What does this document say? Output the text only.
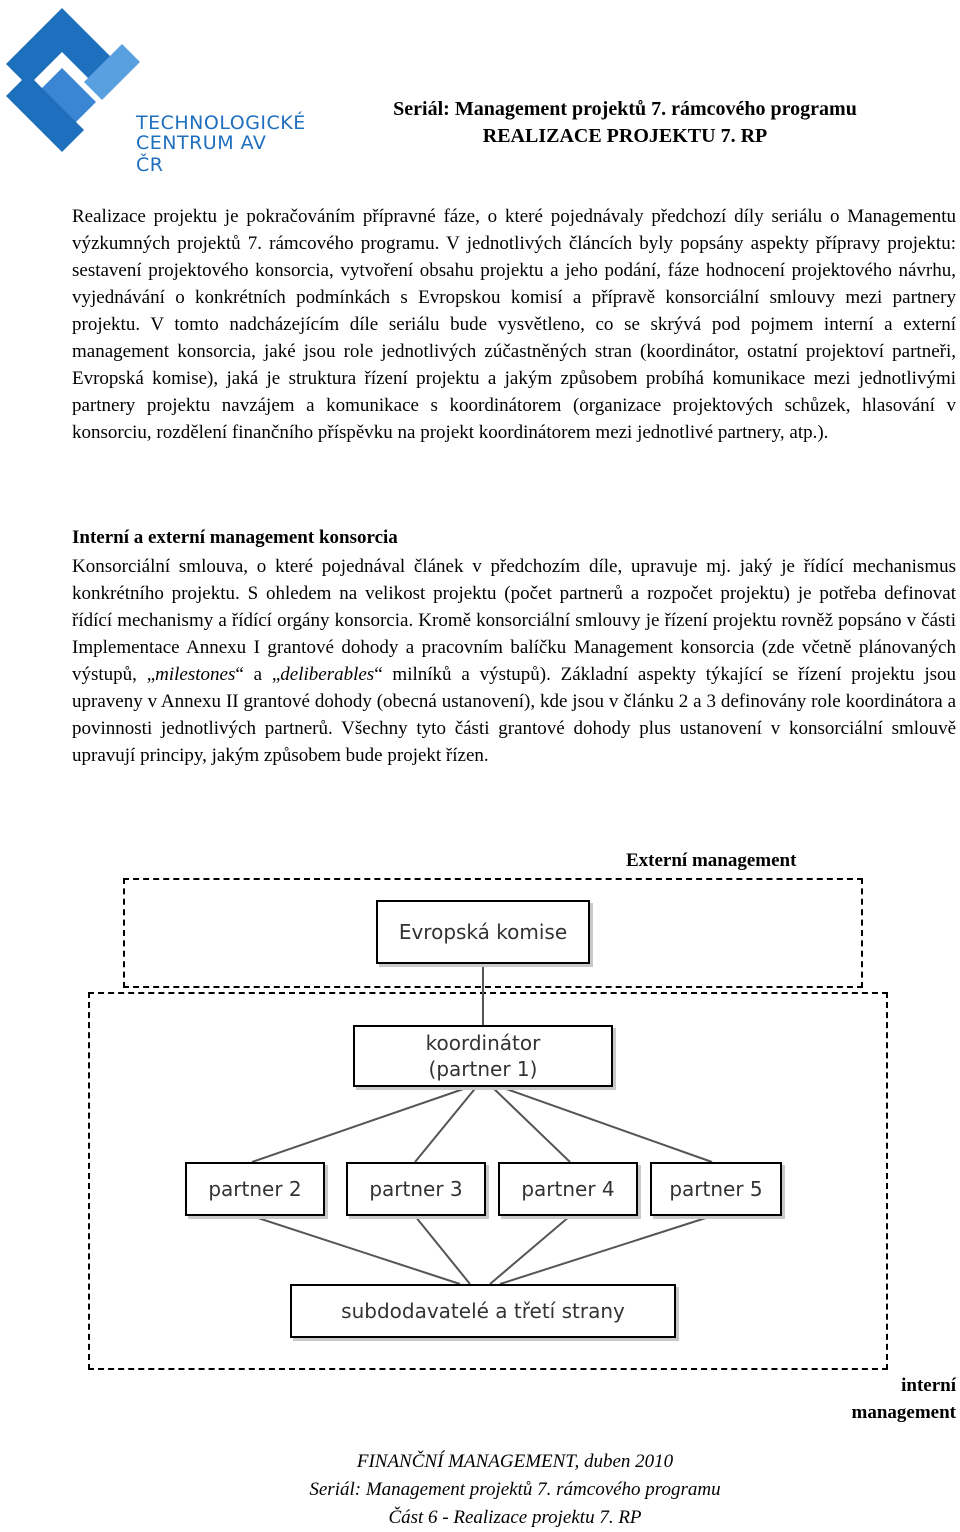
TECHNOLOGICKÉ
CENTRUM AV ČR
Seriál: Management projektů 7. rámcového programu
REALIZACE PROJEKTU 7. RP

Realizace projektu je pokračováním přípravné fáze, o které pojednávaly předchozí díly seriálu o Managementu výzkumných projektů 7. rámcového programu. V jednotlivých článcích byly popsány aspekty přípravy projektu: sestavení projektového konsorcia, vytvoření obsahu projektu a jeho podání, fáze hodnocení projektového návrhu, vyjednávání o konkrétních podmínkách s Evropskou komisí a přípravě konsorciální smlouvy mezi partnery projektu. V tomto nadcházejícím díle seriálu bude vysvětleno, co se skrývá pod pojmem interní a externí management konsorcia, jaké jsou role jednotlivých zúčastněných stran (koordinátor, ostatní projektoví partneři, Evropská komise), jaká je struktura řízení projektu a jakým způsobem probíhá komunikace mezi jednotlivými partnery projektu navzájem a komunikace s koordinátorem (organizace projektových schůzek, hlasování v konsorciu, rozdělení finančního příspěvku na projekt koordinátorem mezi jednotlivé partnery, atp.).

Interní a externí management konsorcia

Konsorciální smlouva, o které pojednával článek v předchozím díle, upravuje mj. jaký je řídící mechanismus konkrétního projektu. S ohledem na velikost projektu (počet partnerů a rozpočet projektu) je potřeba definovat řídící mechanismy a řídící orgány konsorcia. Kromě konsorciální smlouvy je řízení projektu rovněž popsáno v části Implementace Annexu I grantové dohody a pracovním balíčku Management konsorcia (zde včetně plánovaných výstupů, „milestones“ a „deliberables“ milníků a výstupů). Základní aspekty týkající se řízení projektu jsou upraveny v Annexu II grantové dohody (obecná ustanovení), kde jsou v článku 2 a 3 definovány role koordinátora a povinnosti jednotlivých partnerů. Všechny tyto části grantové dohody plus ustanovení v konsorciální smlouvě upravují principy, jakým způsobem bude projekt řízen.

Externí management
Evropská komise
koordinátor
(partner 1)
partner 2	partner 3	partner 4	partner 5
subdodavatelé a třetí strany
interní
management
FINANČNÍ MANAGEMENT, duben 2010
Seriál: Management projektů 7. rámcového programu
Část 6 - Realizace projektu 7. RP
